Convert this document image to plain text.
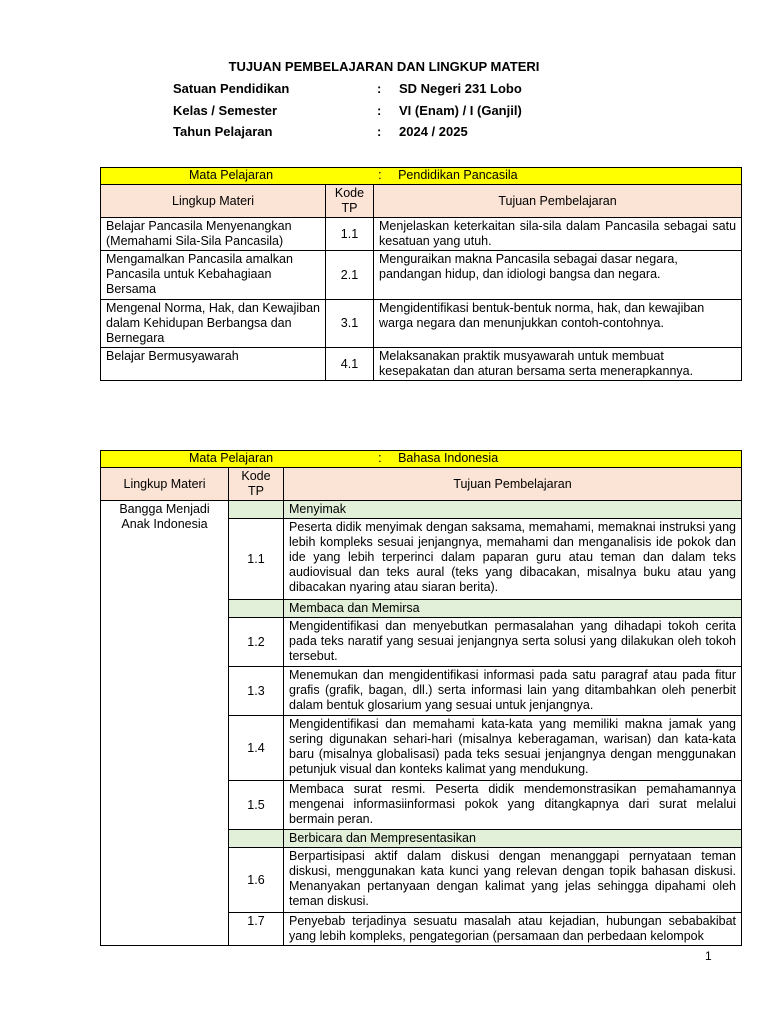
TUJUAN PEMBELAJARAN DAN LINGKUP MATERI
Satuan Pendidikan	: SD Negeri 231 Lobo
Kelas / Semester	: VI (Enam) / I (Ganjil)
Tahun Pelajaran	: 2024 / 2025
Mata Pelajaran : Pendidikan Pancasila		
Lingkup Materi	Kode TP	Tujuan Pembelajaran
Belajar Pancasila Menyenangkan (Memahami Sila-Sila Pancasila)	1.1	Menjelaskan keterkaitan sila-sila dalam Pancasila sebagai satu kesatuan yang utuh.
Mengamalkan Pancasila amalkan Pancasila untuk Kebahagiaan Bersama	2.1	Menguraikan makna Pancasila sebagai dasar negara, pandangan hidup, dan idiologi bangsa dan negara.
Mengenal Norma, Hak, dan Kewajiban dalam Kehidupan Berbangsa dan Bernegara	3.1	Mengidentifikasi bentuk-bentuk norma, hak, dan kewajiban warga negara dan menunjukkan contoh-contohnya.
Belajar Bermusyawarah	4.1	Melaksanakan praktik musyawarah untuk membuat kesepakatan dan aturan bersama serta menerapkannya.
Mata Pelajaran : Bahasa Indonesia		
Lingkup Materi	Kode TP	Tujuan Pembelajaran
Bangga Menjadi Anak Indonesia		Menyimak
	1.1	Peserta didik menyimak dengan saksama, memahami, memaknai instruksi yang lebih kompleks sesuai jenjangnya, memahami dan menganalisis ide pokok dan ide yang lebih terperinci dalam paparan guru atau teman dan dalam teks audiovisual dan teks aural (teks yang dibacakan, misalnya buku atau yang dibacakan nyaring atau siaran berita).
		Membaca dan Memirsa
	1.2	Mengidentifikasi dan menyebutkan permasalahan yang dihadapi tokoh cerita pada teks naratif yang sesuai jenjangnya serta solusi yang dilakukan oleh tokoh tersebut.
	1.3	Menemukan dan mengidentifikasi informasi pada satu paragraf atau pada fitur grafis (grafik, bagan, dll.) serta informasi lain yang ditambahkan oleh penerbit dalam bentuk glosarium yang sesuai untuk jenjangnya.
	1.4	Mengidentifikasi dan memahami kata-kata yang memiliki makna jamak yang sering digunakan sehari-hari (misalnya keberagaman, warisan) dan kata-kata baru (misalnya globalisasi) pada teks sesuai jenjangnya dengan menggunakan petunjuk visual dan konteks kalimat yang mendukung.
	1.5	Membaca surat resmi. Peserta didik mendemonstrasikan pemahamannya mengenai informasiinformasi pokok yang ditangkapnya dari surat melalui bermain peran.
		Berbicara dan Mempresentasikan
	1.6	Berpartisipasi aktif dalam diskusi dengan menanggapi pernyataan teman diskusi, menggunakan kata kunci yang relevan dengan topik bahasan diskusi. Menanyakan pertanyaan dengan kalimat yang jelas sehingga dipahami oleh teman diskusi.
	1.7	Penyebab terjadinya sesuatu masalah atau kejadian, hubungan sebabakibat yang lebih kompleks, pengategorian (persamaan dan perbedaan kelompok
1
